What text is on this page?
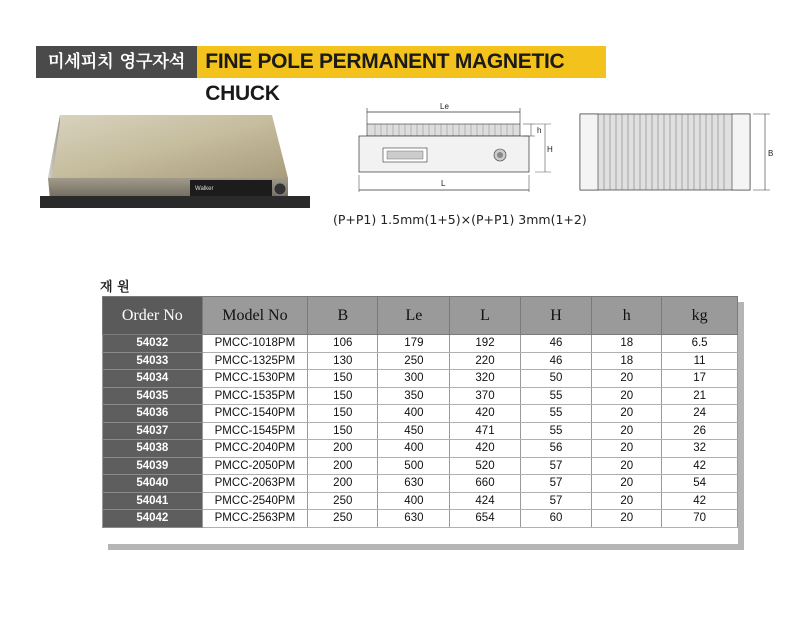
미세피치 영구자석 FINE POLE PERMANENT MAGNETIC CHUCK
Walker
Le
h
H
L
B
(P+P1) 1.5mm(1+5)×(P+P1) 3mm(1+2)
재 원
Order No	Model No	B	Le	L	H	h	kg
54032	PMCC-1018PM	106	179	192	46	18	6.5
54033	PMCC-1325PM	130	250	220	46	18	11
54034	PMCC-1530PM	150	300	320	50	20	17
54035	PMCC-1535PM	150	350	370	55	20	21
54036	PMCC-1540PM	150	400	420	55	20	24
54037	PMCC-1545PM	150	450	471	55	20	26
54038	PMCC-2040PM	200	400	420	56	20	32
54039	PMCC-2050PM	200	500	520	57	20	42
54040	PMCC-2063PM	200	630	660	57	20	54
54041	PMCC-2540PM	250	400	424	57	20	42
54042	PMCC-2563PM	250	630	654	60	20	70
